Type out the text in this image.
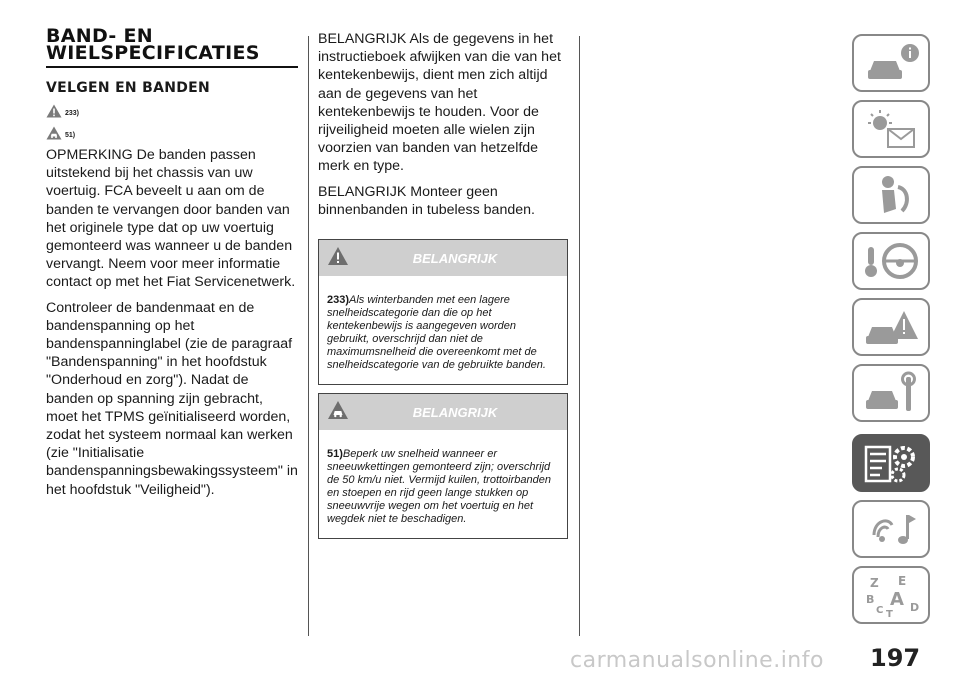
BAND- EN
WIELSPECIFICATIES
VELGEN EN BANDEN
233)
51)

OPMERKING De banden passen uitstekend bij het chassis van uw voertuig. FCA beveelt u aan om de banden te vervangen door banden van het originele type dat op uw voertuig gemonteerd was wanneer u de banden vervangt. Neem voor meer informatie contact op met het Fiat Servicenetwerk.

Controleer de bandenmaat en de bandenspanning op het bandenspanninglabel (zie de paragraaf "Bandenspanning" in het hoofdstuk "Onderhoud en zorg"). Nadat de banden op spanning zijn gebracht, moet het TPMS geïnitialiseerd worden, zodat het systeem normaal kan werken (zie "Initialisatie bandenspanningsbewakingssysteem" in het hoofdstuk "Veiligheid").

BELANGRIJK Als de gegevens in het instructieboek afwijken van die van het kentekenbewijs, dient men zich altijd aan de gegevens van het kentekenbewijs te houden. Voor de rijveiligheid moeten alle wielen zijn voorzien van banden van hetzelfde merk en type.

BELANGRIJK Monteer geen binnenbanden in tubeless banden.

BELANGRIJK
233)Als winterbanden met een lagere snelheidscategorie dan die op het kentekenbewijs is aangegeven worden gebruikt, overschrijd dan niet de maximumsnelheid die overeenkomt met de snelheidscategorie van de gebruikte banden.
BELANGRIJK
51)Beperk uw snelheid wanneer er sneeuwkettingen gemonteerd zijn; overschrijd de 50 km/u niet. Vermijd kuilen, trottoirbanden en stoepen en rijd geen lange stukken op sneeuwvrije wegen om het voertuig en het wegdek niet te beschadigen.
Z E
B A D
C T
197
carmanualsonline.info
